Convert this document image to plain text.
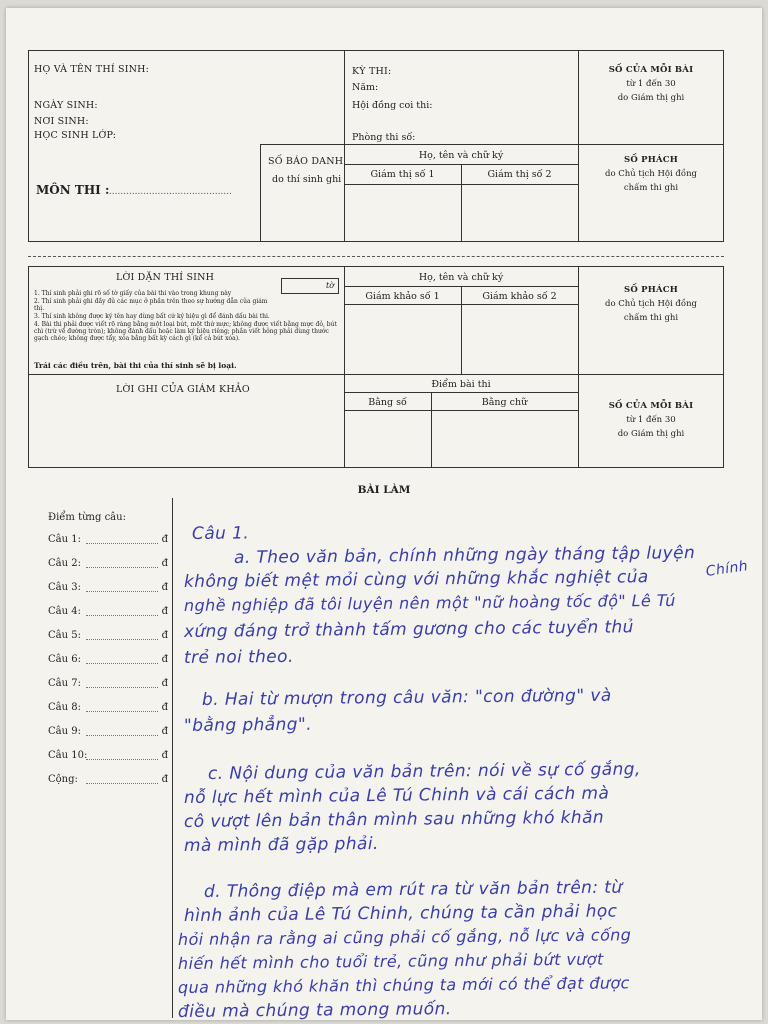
HỌ VÀ TÊN THÍ SINH:
NGÀY SINH:
NƠI SINH:
HỌC SINH LỚP:
MÔN THI :
............................................
KỲ THI:
Năm:
Hội đồng coi thi:
Phòng thi số:
SỐ BÁO DANH
do thí sinh ghi
Họ, tên và chữ ký
Giám thị số 1	Giám thị số 2
SỐ CỦA MỖI BÀI
từ 1 đến 30
do Giám thị ghi
SỐ PHÁCH
do Chủ tịch Hội đồng
chấm thi ghi
LỜI DẶN THÍ SINH
tờ
1. Thí sinh phải ghi rõ số tờ giấy của bài thi vào trong khung này
2. Thí sinh phải ghi đầy đủ các mục ở phần trên theo sự hướng dẫn của giám thị.
3. Thí sinh không được ký tên hay dùng bất cứ ký hiệu gì để đánh dấu bài thi.
4. Bài thi phải được viết rõ ràng bằng một loại bút, một thứ mực; không được viết bằng mực đỏ, bút chì (trừ vẽ đường tròn); không đánh dấu hoặc làm ký hiệu riêng; phần viết hỏng phải dùng thước gạch chéo; không được tẩy, xóa bằng bất kỳ cách gì (kể cả bút xóa).
Trái các điều trên, bài thi của thí sinh sẽ bị loại.
Họ, tên và chữ ký
Giám khảo số 1	Giám khảo số 2
SỐ PHÁCH
do Chủ tịch Hội đồng
chấm thi ghi
LỜI GHI CỦA GIÁM KHẢO	Điểm bài thi
Bằng số	Bằng chữ	SỐ CỦA MỖI BÀI
từ 1 đến 30
do Giám thị ghi
BÀI LÀM
Điểm từng câu:
Câu 1:	đ
Câu 2:	đ
Câu 3:	đ
Câu 4:	đ
Câu 5:	đ
Câu 6:	đ
Câu 7:	đ
Câu 8:	đ
Câu 9:	đ
Câu 10:	đ
Cộng:	đ
Câu 1.
a. Theo văn bản, chính những ngày tháng tập luyện
không biết mệt mỏi cùng với những khắc nghiệt của	Chính
nghề nghiệp đã tôi luyện nên một "nữ hoàng tốc độ" Lê Tú
xứng đáng trở thành tấm gương cho các tuyển thủ
trẻ noi theo.
b. Hai từ mượn trong câu văn: "con đường" và
"bằng phẳng".
c. Nội dung của văn bản trên: nói về sự cố gắng,
nỗ lực hết mình của Lê Tú Chinh và cái cách mà
cô vượt lên bản thân mình sau những khó khăn
mà mình đã gặp phải.
d. Thông điệp mà em rút ra từ văn bản trên: từ
hình ảnh của Lê Tú Chinh, chúng ta cần phải học
hỏi nhận ra rằng ai cũng phải cố gắng, nỗ lực và cống
hiến hết mình cho tuổi trẻ, cũng như phải bứt vượt
qua những khó khăn thì chúng ta mới có thể đạt được
điều mà chúng ta mong muốn.
